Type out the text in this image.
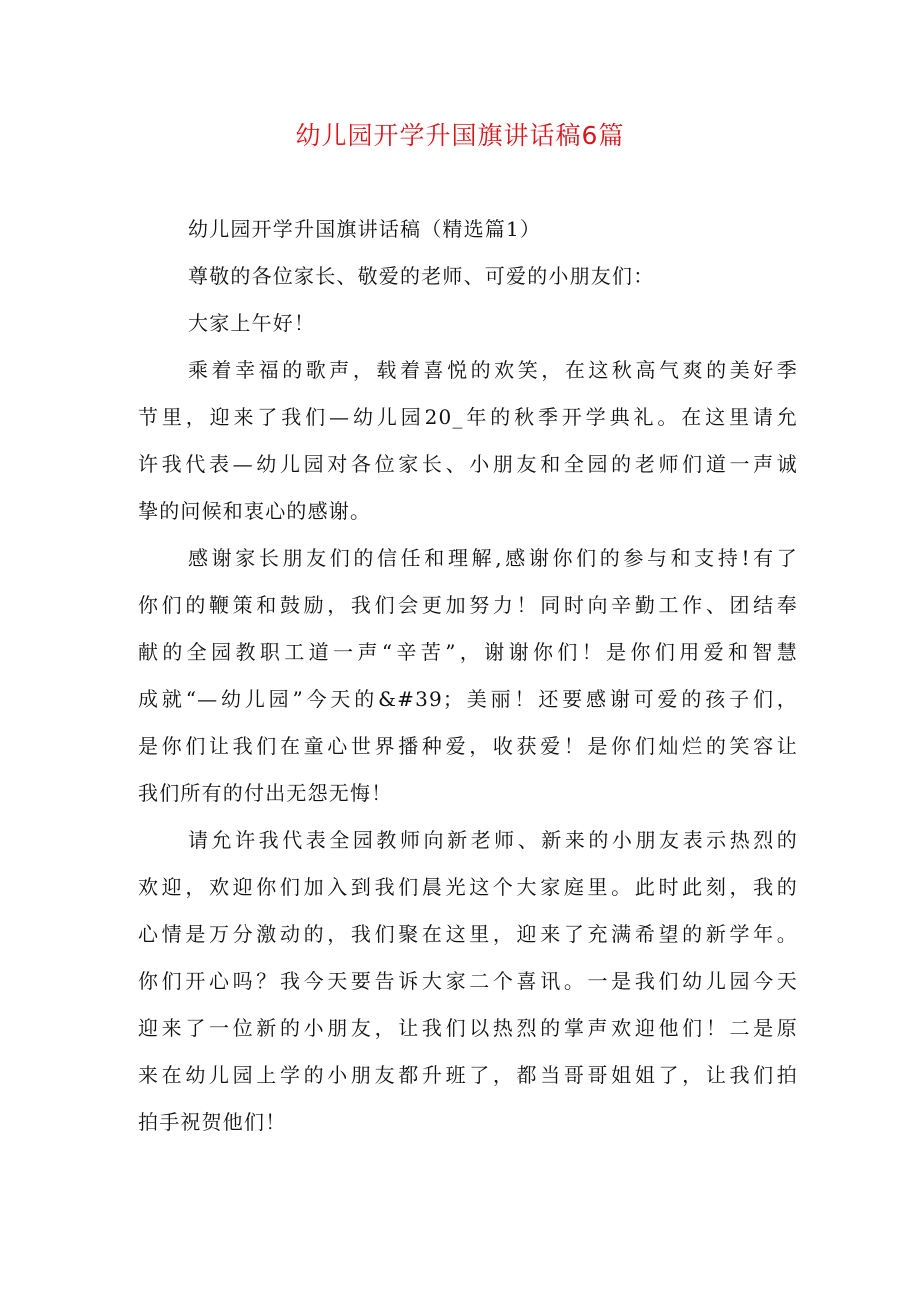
幼儿园开学升国旗讲话稿6篇
幼儿园开学升国旗讲话稿（精选篇1）
尊敬的各位家长、敬爱的老师、可爱的小朋友们：
大家上午好！
乘着幸福的歌声，载着喜悦的欢笑，在这秋高气爽的美好季
节里，迎来了我们—幼儿园20_年的秋季开学典礼。在这里请允
许我代表—幼儿园对各位家长、小朋友和全园的老师们道一声诚
挚的问候和衷心的感谢。
感谢家长朋友们的信任和理解,感谢你们的参与和支持!有了
你们的鞭策和鼓励，我们会更加努力！同时向辛勤工作、团结奉
献的全园教职工道一声“辛苦”，谢谢你们！是你们用爱和智慧
成就“—幼儿园”今天的&#39；美丽！还要感谢可爱的孩子们，
是你们让我们在童心世界播种爱，收获爱！是你们灿烂的笑容让
我们所有的付出无怨无悔！
请允许我代表全园教师向新老师、新来的小朋友表示热烈的
欢迎，欢迎你们加入到我们晨光这个大家庭里。此时此刻，我的
心情是万分激动的，我们聚在这里，迎来了充满希望的新学年。
你们开心吗？我今天要告诉大家二个喜讯。一是我们幼儿园今天
迎来了一位新的小朋友，让我们以热烈的掌声欢迎他们！二是原
来在幼儿园上学的小朋友都升班了，都当哥哥姐姐了，让我们拍
拍手祝贺他们！
